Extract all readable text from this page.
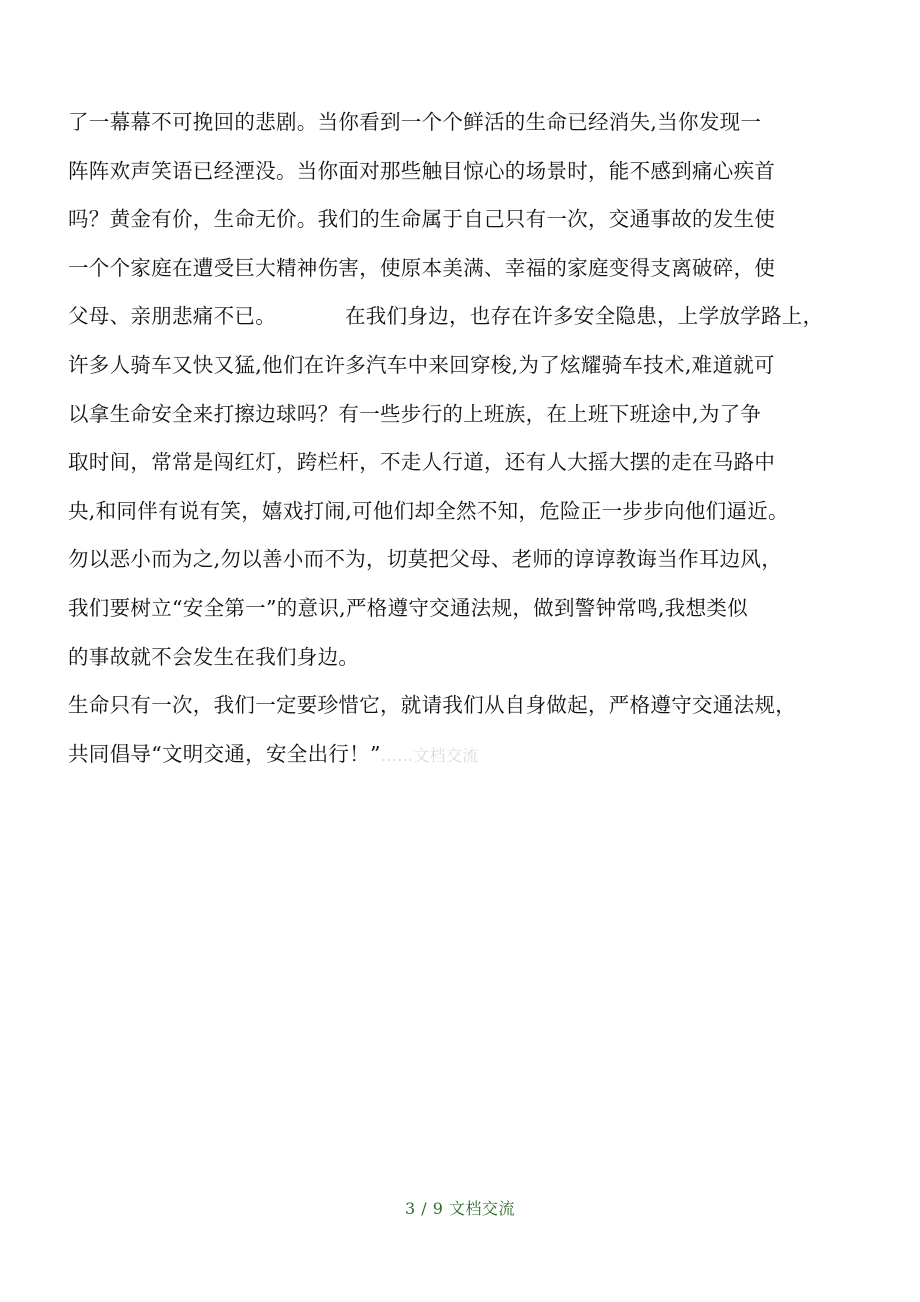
了一幕幕不可挽回的悲剧。当你看到一个个鲜活的生命已经消失,当你发现一
阵阵欢声笑语已经湮没。当你面对那些触目惊心的场景时，能不感到痛心疾首
吗？黄金有价，生命无价。我们的生命属于自己只有一次，交通事故的发生使
一个个家庭在遭受巨大精神伤害，使原本美满、幸福的家庭变得支离破碎，使
父母、亲朋悲痛不已。	在我们身边，也存在许多安全隐患，上学放学路上，
许多人骑车又快又猛,他们在许多汽车中来回穿梭,为了炫耀骑车技术,难道就可
以拿生命安全来打擦边球吗？有一些步行的上班族，在上班下班途中,为了争
取时间，常常是闯红灯，跨栏杆，不走人行道，还有人大摇大摆的走在马路中
央,和同伴有说有笑，嬉戏打闹,可他们却全然不知，危险正一步步向他们逼近。
勿以恶小而为之,勿以善小而不为，切莫把父母、老师的谆谆教诲当作耳边风，
我们要树立“安全第一”的意识,严格遵守交通法规，做到警钟常鸣,我想类似
的事故就不会发生在我们身边。
生命只有一次，我们一定要珍惜它，就请我们从自身做起，严格遵守交通法规，
共同倡导“文明交通，安全出行！”……文档交流
3 / 9 文档交流
